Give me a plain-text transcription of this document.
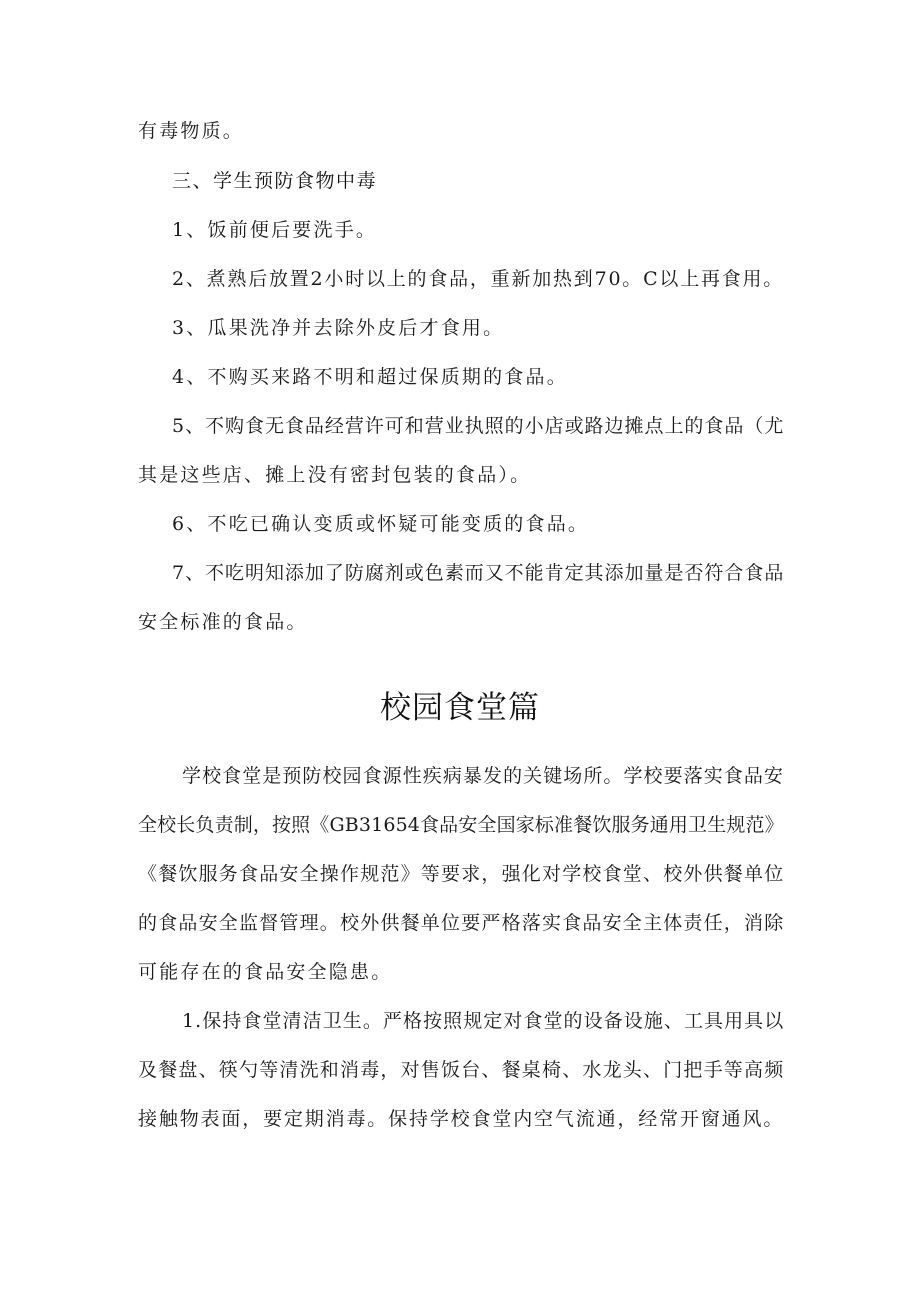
有毒物质。
三、学生预防食物中毒
1、饭前便后要洗手。
2、煮熟后放置2小时以上的食品，重新加热到70。C以上再食用。
3、瓜果洗净并去除外皮后才食用。
4、不购买来路不明和超过保质期的食品。
5、不购食无食品经营许可和营业执照的小店或路边摊点上的食品（尤
其是这些店、摊上没有密封包装的食品）。
6、不吃已确认变质或怀疑可能变质的食品。
7、不吃明知添加了防腐剂或色素而又不能肯定其添加量是否符合食品
安全标准的食品。
校园食堂篇
学校食堂是预防校园食源性疾病暴发的关键场所。学校要落实食品安
全校长负责制，按照《GB31654食品安全国家标准餐饮服务通用卫生规范》
《餐饮服务食品安全操作规范》等要求，强化对学校食堂、校外供餐单位
的食品安全监督管理。校外供餐单位要严格落实食品安全主体责任，消除
可能存在的食品安全隐患。
1.保持食堂清洁卫生。严格按照规定对食堂的设备设施、工具用具以
及餐盘、筷勺等清洗和消毒，对售饭台、餐桌椅、水龙头、门把手等高频
接触物表面，要定期消毒。保持学校食堂内空气流通，经常开窗通风。
